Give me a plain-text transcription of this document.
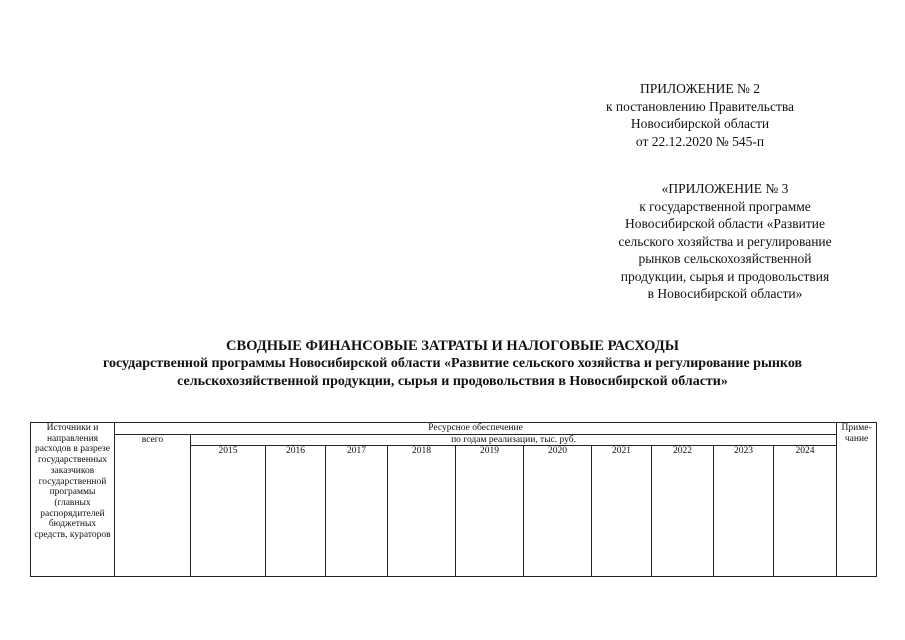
ПРИЛОЖЕНИЕ № 2
к постановлению Правительства
Новосибирской области
от 22.12.2020 № 545-п
«ПРИЛОЖЕНИЕ № 3
к государственной программе
Новосибирской области «Развитие
сельского хозяйства и регулирование
рынков сельскохозяйственной
продукции, сырья и продовольствия
в Новосибирской области»
СВОДНЫЕ ФИНАНСОВЫЕ ЗАТРАТЫ И НАЛОГОВЫЕ РАСХОДЫ
государственной программы Новосибирской области «Развитие сельского хозяйства и регулирование рынков
сельскохозяйственной продукции, сырья и продовольствия в Новосибирской области»
Источники и направления расходов в разрезе государственных заказчиков государственной программы (главных распорядителей бюджетных средств, кураторов	Ресурсное обеспечение											Приме-чание
	всего	по годам реализации, тыс. руб.										
		2015	2016	2017	2018	2019	2020	2021	2022	2023	2024	
